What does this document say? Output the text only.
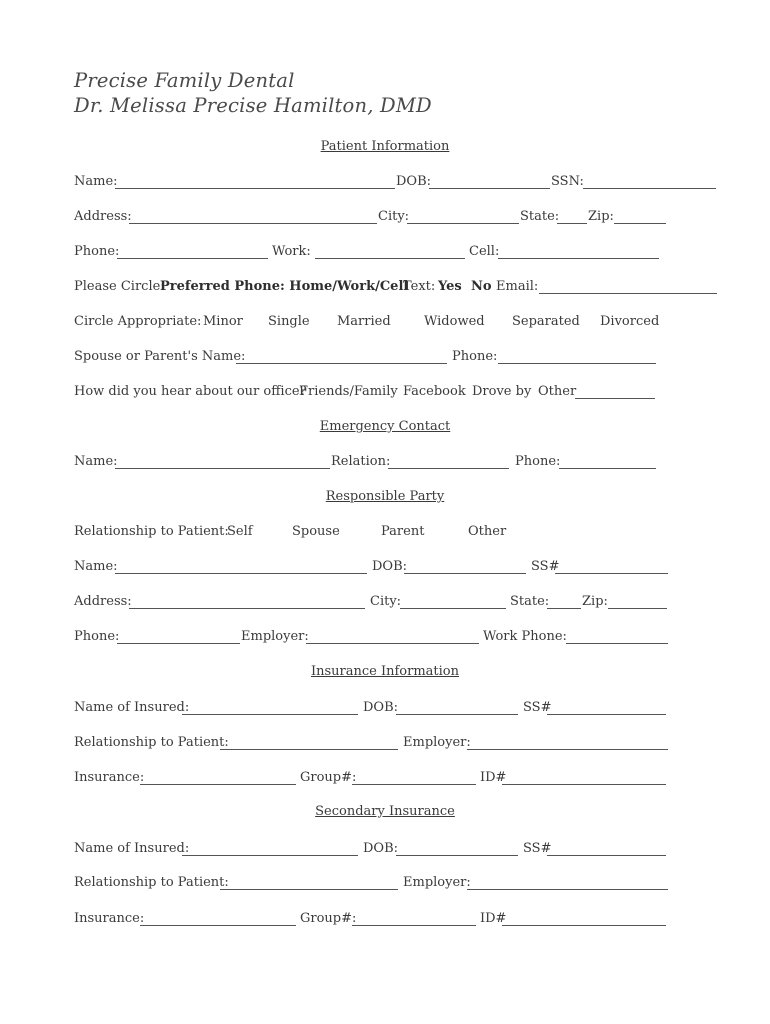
Precise Family Dental
Dr. Melissa Precise Hamilton, DMD
Patient Information
Name:	DOB:	SSN:
Address:	City:	State: Zip:
Phone:	Work:	Cell:
Please Circle:
Preferred Phone: Home/Work/Cell
Text: Yes No Email:
Circle Appropriate: Minor Single Married	Widowed Separated Divorced
Spouse or Parent's Name:	Phone:
How did you hear about our office?
Friends/Family Facebook Drove by Other
Emergency Contact
Name:	Relation:	Phone:
Responsible Party
Relationship to Patient:
Self	Spouse	Parent	Other
Name:	DOB:	SS#
Address:	City:	State:	Zip:
Phone:	Employer:	Work Phone:
Insurance Information
Name of Insured:	DOB:	SS#
Relationship to Patient:	Employer:
Insurance:	Group#:	ID#
Secondary Insurance
Name of Insured:	DOB:	SS#
Relationship to Patient:	Employer:
Insurance:	Group#:	ID#
